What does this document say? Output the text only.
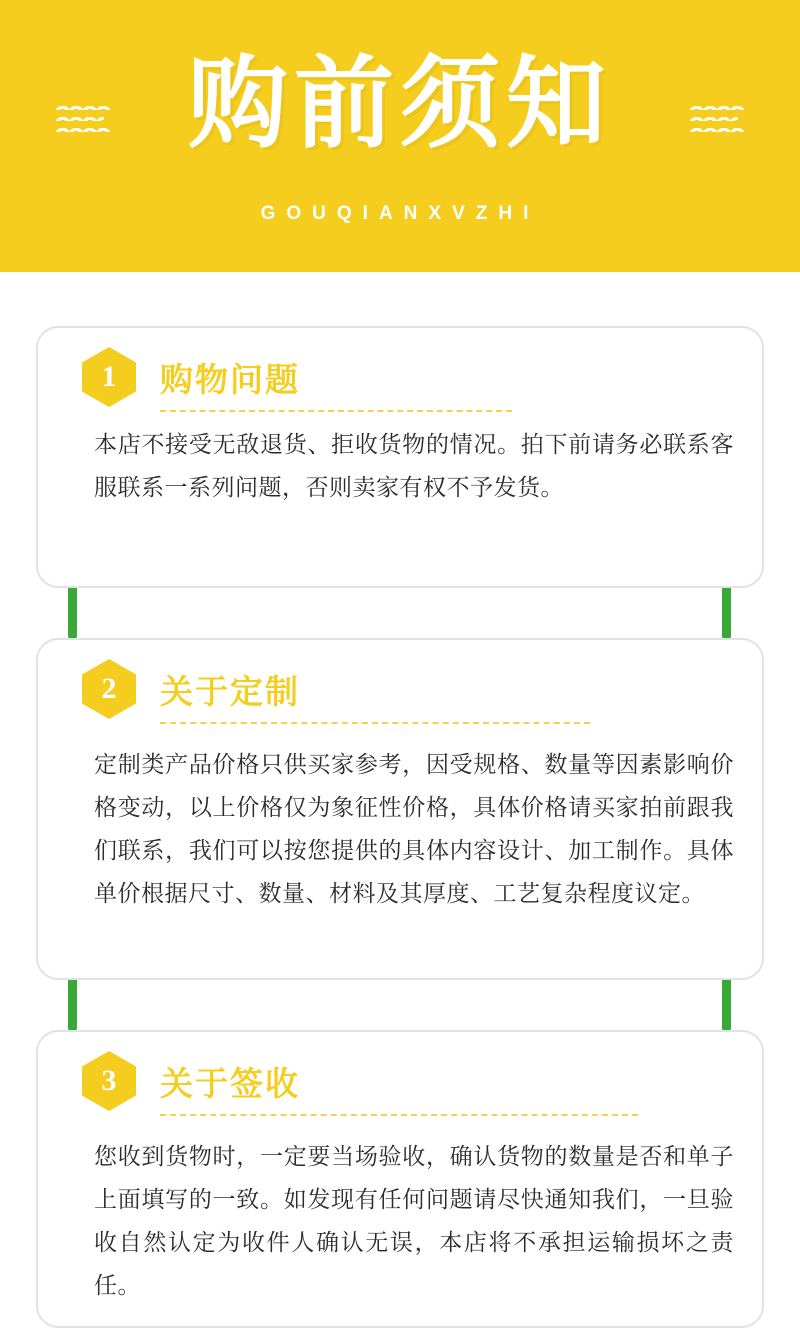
购前须知
GOUQIANXVZHI
1	购物问题
本店不接受无敌退货、拒收货物的情况。拍下前请务必联系客服联系一系列问题，否则卖家有权不予发货。
2	关于定制
定制类产品价格只供买家参考，因受规格、数量等因素影响价格变动，以上价格仅为象征性价格，具体价格请买家拍前跟我们联系，我们可以按您提供的具体内容设计、加工制作。具体单价根据尺寸、数量、材料及其厚度、工艺复杂程度议定。
3	关于签收
您收到货物时，一定要当场验收，确认货物的数量是否和单子上面填写的一致。如发现有任何问题请尽快通知我们，一旦验收自然认定为收件人确认无误，本店将不承担运输损坏之责任。
